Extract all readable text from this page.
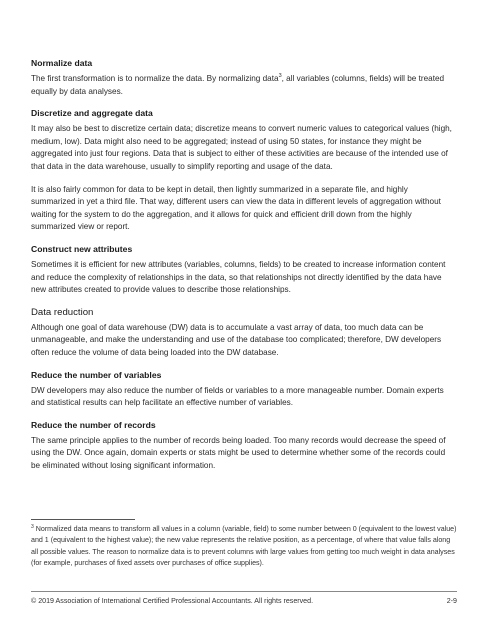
Normalize data

The first transformation is to normalize the data. By normalizing data$^3$, all variables (columns, fields) will be treated equally by data analyses.

Discretize and aggregate data

It may also be best to discretize certain data; discretize means to convert numeric values to categorical values (high, medium, low). Data might also need to be aggregated; instead of using 50 states, for instance they might be aggregated into just four regions. Data that is subject to either of these activities are because of the intended use of that data in the data warehouse, usually to simplify reporting and usage of the data.

It is also fairly common for data to be kept in detail, then lightly summarized in a separate file, and highly summarized in yet a third file. That way, different users can view the data in different levels of aggregation without waiting for the system to do the aggregation, and it allows for quick and efficient drill down from the highly summarized view or report.

Construct new attributes

Sometimes it is efficient for new attributes (variables, columns, fields) to be created to increase information content and reduce the complexity of relationships in the data, so that relationships not directly identified by the data have new attributes created to provide values to describe those relationships.

Data reduction

Although one goal of data warehouse (DW) data is to accumulate a vast array of data, too much data can be unmanageable, and make the understanding and use of the database too complicated; therefore, DW developers often reduce the volume of data being loaded into the DW database.

Reduce the number of variables

DW developers may also reduce the number of fields or variables to a more manageable number. Domain experts and statistical results can help facilitate an effective number of variables.

Reduce the number of records

The same principle applies to the number of records being loaded. Too many records would decrease the speed of using the DW. Once again, domain experts or stats might be used to determine whether some of the records could be eliminated without losing significant information.

$^3$ Normalized data means to transform all values in a column (variable, field) to some number between 0 (equivalent to the lowest value) and 1 (equivalent to the highest value); the new value represents the relative position, as a percentage, of where that value falls along all possible values. The reason to normalize data is to prevent columns with large values from getting too much weight in data analyses (for example, purchases of fixed assets over purchases of office supplies).

© 2019 Association of International Certified Professional Accountants. All rights reserved.	2-9
